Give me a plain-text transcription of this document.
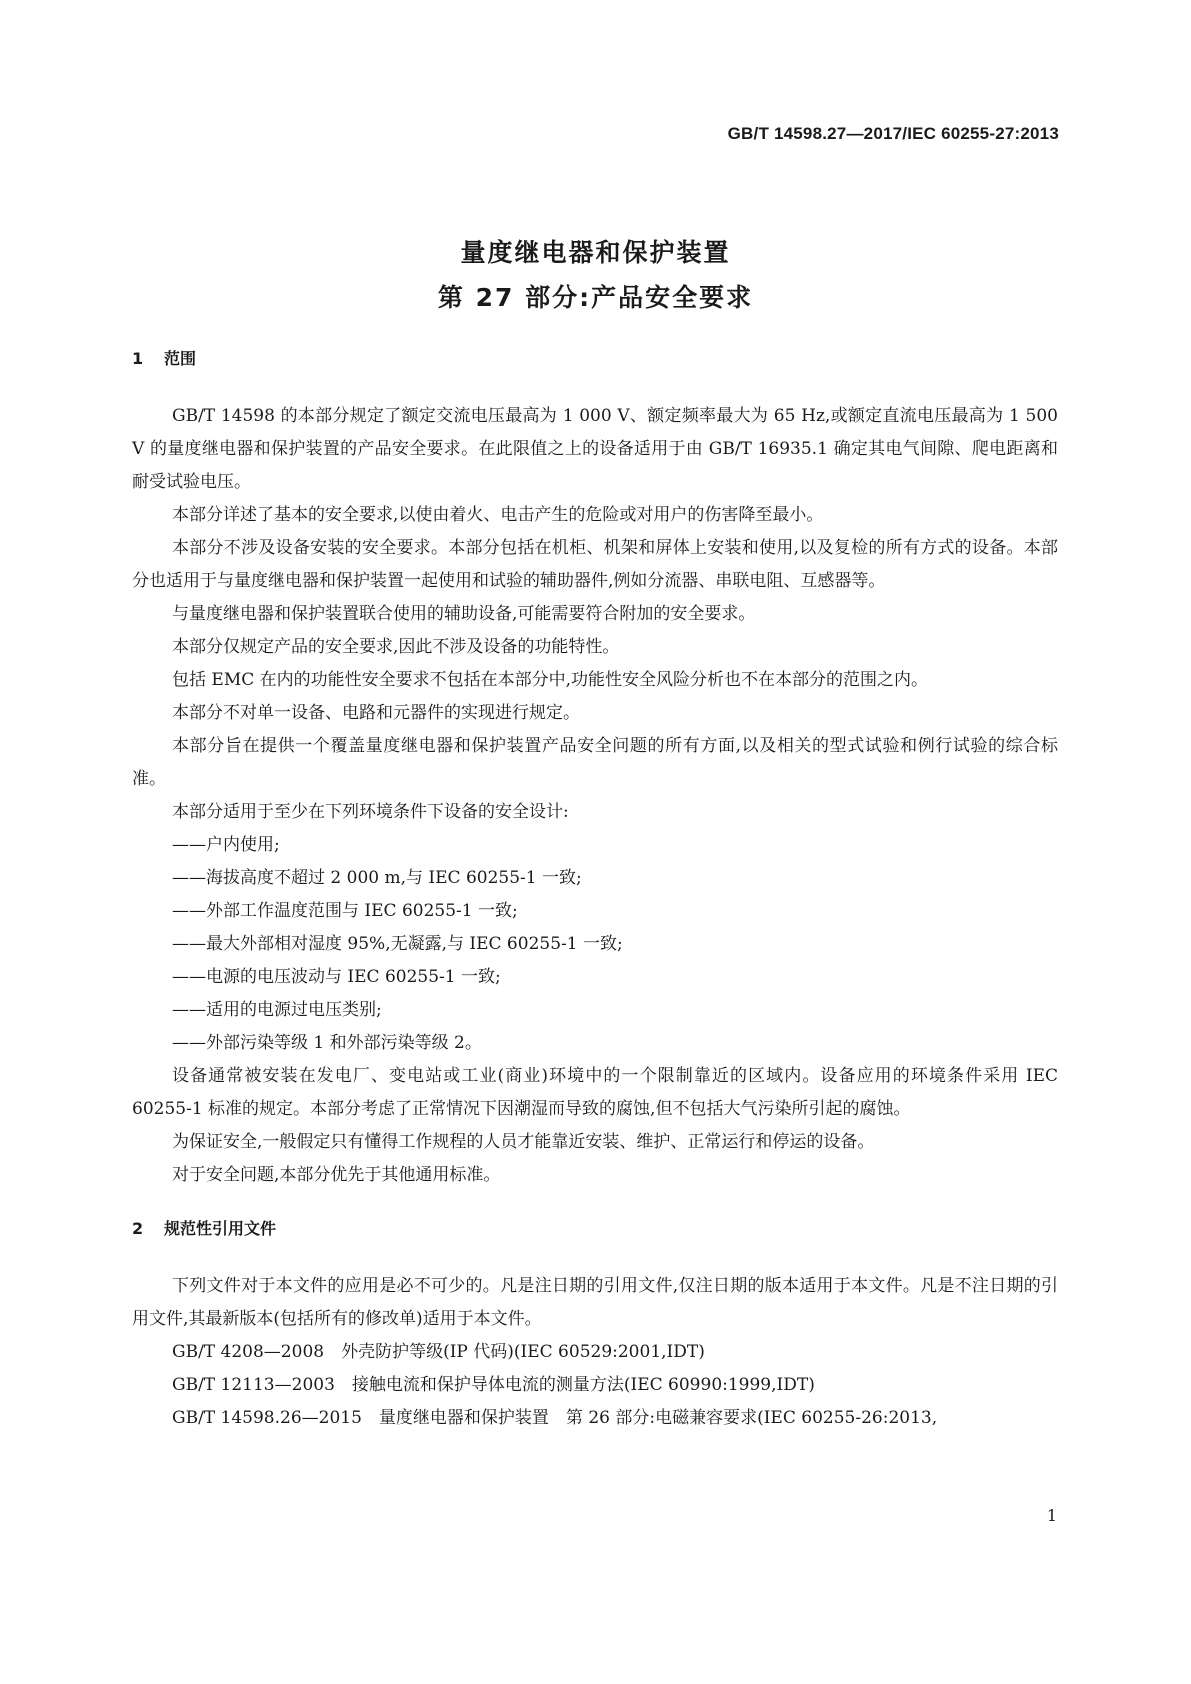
GB/T 14598.27—2017/IEC 60255-27:2013
量度继电器和保护装置
第 27 部分:产品安全要求
1 范围

GB/T 14598 的本部分规定了额定交流电压最高为 1 000 V、额定频率最大为 65 Hz,或额定直流电压最高为 1 500 V 的量度继电器和保护装置的产品安全要求。在此限值之上的设备适用于由 GB/T 16935.1 确定其电气间隙、爬电距离和耐受试验电压。

本部分详述了基本的安全要求,以使由着火、电击产生的危险或对用户的伤害降至最小。

本部分不涉及设备安装的安全要求。本部分包括在机柜、机架和屏体上安装和使用,以及复检的所有方式的设备。本部分也适用于与量度继电器和保护装置一起使用和试验的辅助器件,例如分流器、串联电阻、互感器等。

与量度继电器和保护装置联合使用的辅助设备,可能需要符合附加的安全要求。

本部分仅规定产品的安全要求,因此不涉及设备的功能特性。

包括 EMC 在内的功能性安全要求不包括在本部分中,功能性安全风险分析也不在本部分的范围之内。

本部分不对单一设备、电路和元器件的实现进行规定。

本部分旨在提供一个覆盖量度继电器和保护装置产品安全问题的所有方面,以及相关的型式试验和例行试验的综合标准。

本部分适用于至少在下列环境条件下设备的安全设计:

——户内使用;

——海拔高度不超过 2 000 m,与 IEC 60255-1 一致;

——外部工作温度范围与 IEC 60255-1 一致;

——最大外部相对湿度 95%,无凝露,与 IEC 60255-1 一致;

——电源的电压波动与 IEC 60255-1 一致;

——适用的电源过电压类别;

——外部污染等级 1 和外部污染等级 2。

设备通常被安装在发电厂、变电站或工业(商业)环境中的一个限制靠近的区域内。设备应用的环境条件采用 IEC 60255-1 标准的规定。本部分考虑了正常情况下因潮湿而导致的腐蚀,但不包括大气污染所引起的腐蚀。

为保证安全,一般假定只有懂得工作规程的人员才能靠近安装、维护、正常运行和停运的设备。

对于安全问题,本部分优先于其他通用标准。

2 规范性引用文件

下列文件对于本文件的应用是必不可少的。凡是注日期的引用文件,仅注日期的版本适用于本文件。凡是不注日期的引用文件,其最新版本(包括所有的修改单)适用于本文件。

GB/T 4208—2008　外壳防护等级(IP 代码)(IEC 60529:2001,IDT)

GB/T 12113—2003　接触电流和保护导体电流的测量方法(IEC 60990:1999,IDT)

GB/T 14598.26—2015　量度继电器和保护装置　第 26 部分:电磁兼容要求(IEC 60255-26:2013,

1
